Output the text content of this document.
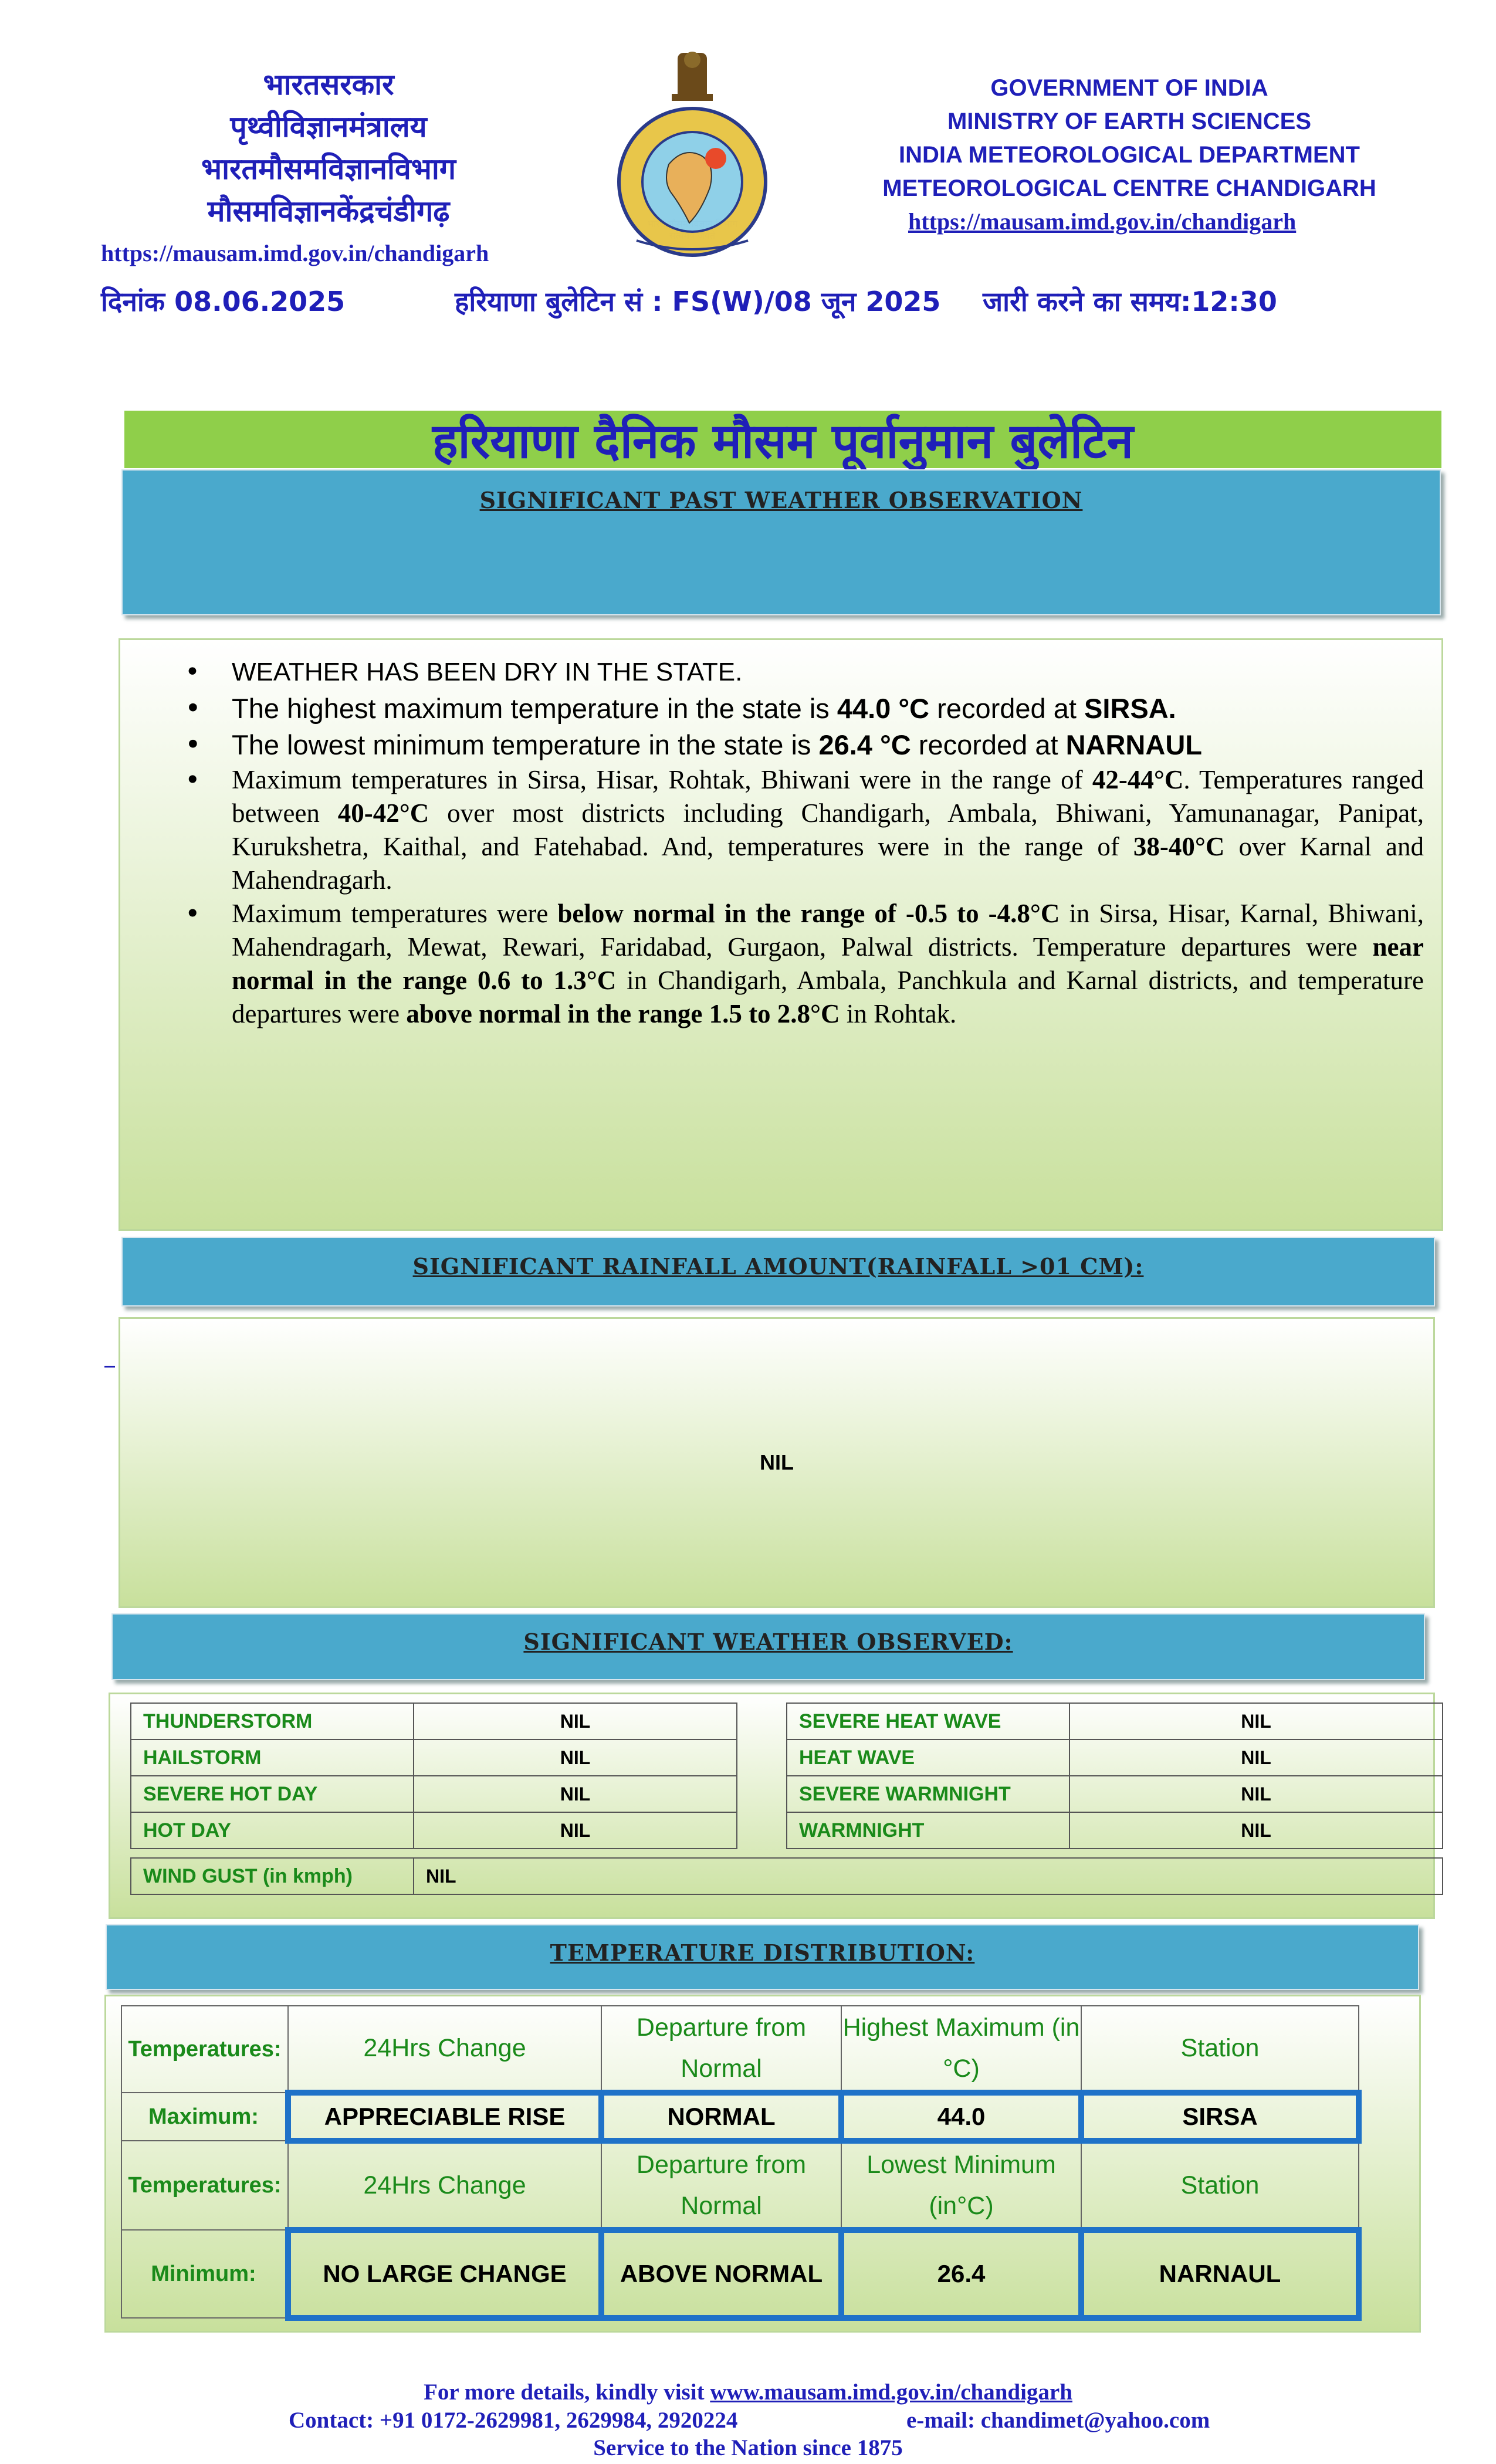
भारतसरकार
पृथ्वीविज्ञानमंत्रालय
भारतमौसमविज्ञानविभाग
मौसमविज्ञानकेंद्रचंडीगढ़
https://mausam.imd.gov.in/chandigarh
GOVERNMENT OF INDIA
MINISTRY OF EARTH SCIENCES
INDIA METEOROLOGICAL DEPARTMENT
METEOROLOGICAL CENTRE CHANDIGARH
https://mausam.imd.gov.in/chandigarh
दिनांक 08.06.2025	हरियाणा बुलेटिन सं : FS(W)/08 जून 2025 जारी करने का समय:12:30
हरियाणा दैनिक मौसम पूर्वानुमान बुलेटिन
SIGNIFICANT PAST WEATHER OBSERVATION
• WEATHER HAS BEEN DRY IN THE STATE.
• The highest maximum temperature in the state is 44.0 °C recorded at SIRSA.
• The lowest minimum temperature in the state is 26.4 °C recorded at NARNAUL
• Maximum temperatures in Sirsa, Hisar, Rohtak, Bhiwani were in the range of 42-44°C. Temperatures ranged between 40-42°C over most districts including Chandigarh, Ambala, Bhiwani, Yamunanagar, Panipat, Kurukshetra, Kaithal, and Fatehabad. And, temperatures were in the range of 38-40°C over Karnal and Mahendragarh.
• Maximum temperatures were below normal in the range of -0.5 to -4.8°C in Sirsa, Hisar, Karnal, Bhiwani, Mahendragarh, Mewat, Rewari, Faridabad, Gurgaon, Palwal districts. Temperature departures were near normal in the range 0.6 to 1.3°C in Chandigarh, Ambala, Panchkula and Karnal districts, and temperature departures were above normal in the range 1.5 to 2.8°C in Rohtak.
SIGNIFICANT RAINFALL AMOUNT(RAINFALL >01 CM):
NIL
SIGNIFICANT WEATHER OBSERVED:
THUNDERSTORM	NIL
HAILSTORM	NIL
SEVERE HOT DAY	NIL
HOT DAY	NIL
SEVERE HEAT WAVE	NIL
HEAT WAVE	NIL
SEVERE WARMNIGHT	NIL
WARMNIGHT	NIL
WIND GUST (in kmph)	NIL
TEMPERATURE DISTRIBUTION:
Temperatures:	24Hrs Change	Departure from Normal	Highest Maximum (in °C)	Station
Maximum:	APPRECIABLE RISE	NORMAL	44.0	SIRSA
Temperatures:	24Hrs Change	Departure from Normal	Lowest Minimum (in°C)	Station
Minimum:	NO LARGE CHANGE	ABOVE NORMAL	26.4	NARNAUL
For more details, kindly visit www.mausam.imd.gov.in/chandigarh
Contact: +91 0172-2629981, 2629984, 2920224	e-mail: chandimet@yahoo.com
Service to the Nation since 1875
